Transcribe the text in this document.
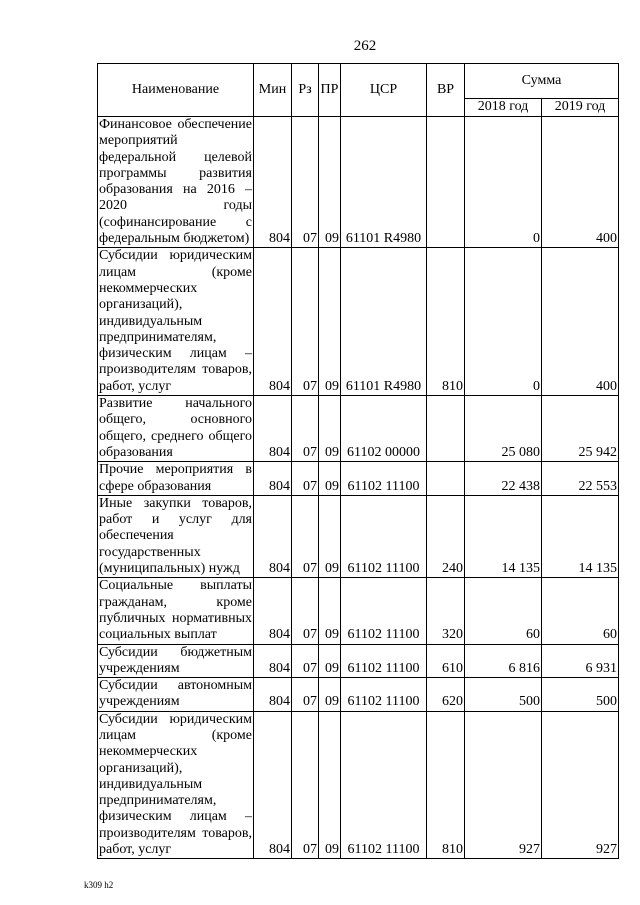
262
Наименование	Мин	Рз	ПР	ЦСР	ВР	Сумма	
						2018 год	2019 год
Финансовое обеспечение мероприятий федеральной целевой программы развития образования на 2016 – 2020 годы (софинансирование с федеральным бюджетом)	804	07	09	61101 R4980		0	400
Субсидии юридическим лицам (кроме некоммерческих организаций), индивидуальным предпринимателям, физическим лицам – производителям товаров, работ, услуг	804	07	09	61101 R4980	810	0	400
Развитие начального общего, основного общего, среднего общего образования	804	07	09	61102 00000		25 080	25 942
Прочие мероприятия в сфере образования	804	07	09	61102 11100		22 438	22 553
Иные закупки товаров, работ и услуг для обеспечения государственных (муниципальных) нужд	804	07	09	61102 11100	240	14 135	14 135
Социальные выплаты гражданам, кроме публичных нормативных социальных выплат	804	07	09	61102 11100	320	60	60
Субсидии бюджетным учреждениям	804	07	09	61102 11100	610	6 816	6 931
Субсидии автономным учреждениям	804	07	09	61102 11100	620	500	500
Субсидии юридическим лицам (кроме некоммерческих организаций), индивидуальным предпринимателям, физическим лицам – производителям товаров, работ, услуг	804	07	09	61102 11100	810	927	927
k309 h2
